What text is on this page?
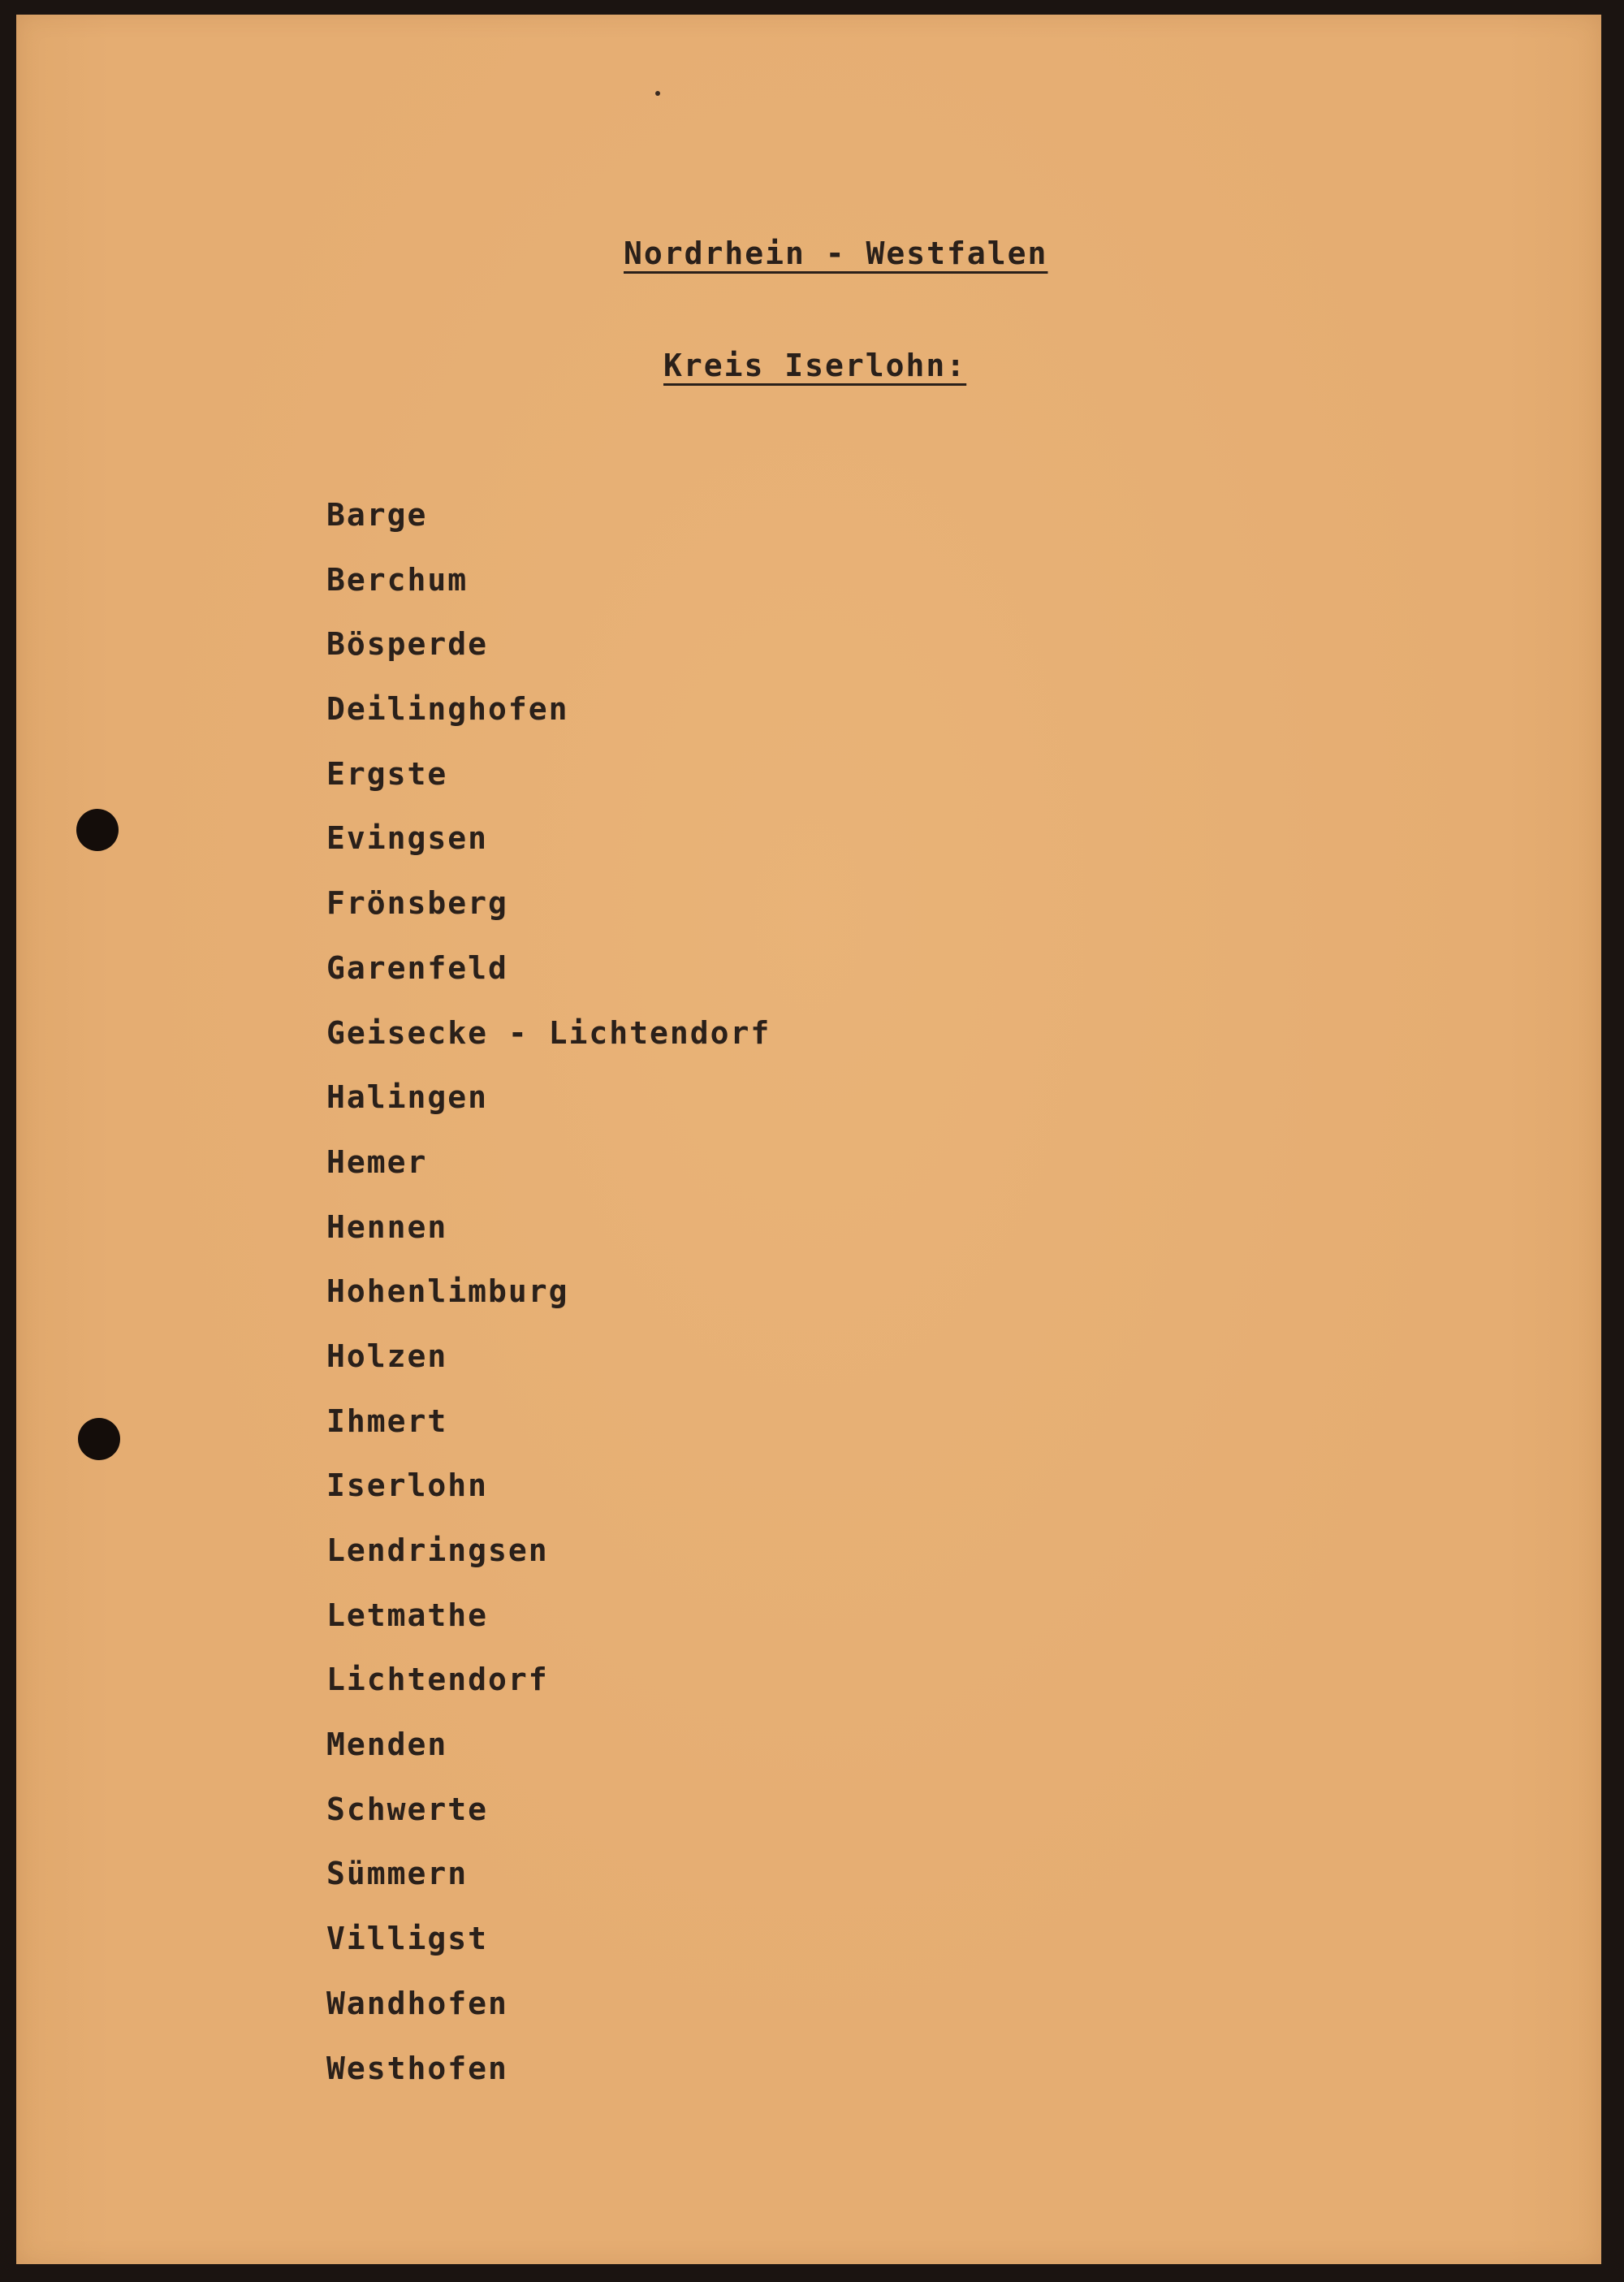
Nordrhein - Westfalen

Kreis Iserlohn:

Barge
Berchum
Bösperde
Deilinghofen
Ergste
Evingsen
Frönsberg
Garenfeld
Geisecke - Lichtendorf
Halingen
Hemer
Hennen
Hohenlimburg
Holzen
Ihmert
Iserlohn
Lendringsen
Letmathe
Lichtendorf
Menden
Schwerte
Sümmern
Villigst
Wandhofen
Westhofen
